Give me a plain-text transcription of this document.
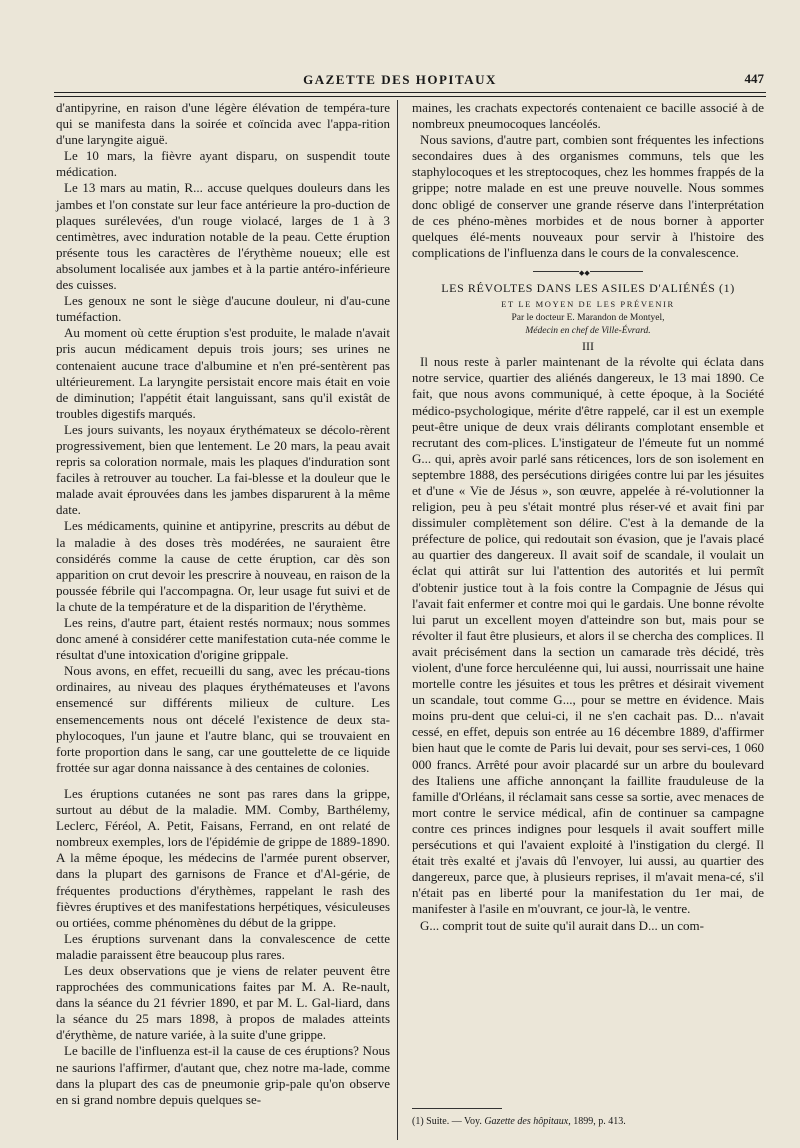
GAZETTE DES HOPITAUX	447

d'antipyrine, en raison d'une légère élévation de tempéra-ture qui se manifesta dans la soirée et coïncida avec l'appa-rition d'une laryngite aiguë.

Le 10 mars, la fièvre ayant disparu, on suspendit toute médication.

Le 13 mars au matin, R... accuse quelques douleurs dans les jambes et l'on constate sur leur face antérieure la pro-duction de plaques surélevées, d'un rouge violacé, larges de 1 à 3 centimètres, avec induration notable de la peau. Cette éruption présente tous les caractères de l'érythème noueux; elle est absolument localisée aux jambes et à la partie antéro-inférieure des cuisses.

Les genoux ne sont le siège d'aucune douleur, ni d'au-cune tuméfaction.

Au moment où cette éruption s'est produite, le malade n'avait pris aucun médicament depuis trois jours; ses urines ne contenaient aucune trace d'albumine et n'en pré-sentèrent pas ultérieurement. La laryngite persistait encore mais était en voie de diminution; l'appétit était languissant, sans qu'il existât de troubles digestifs marqués.

Les jours suivants, les noyaux érythémateux se décolo-rèrent progressivement, bien que lentement. Le 20 mars, la peau avait repris sa coloration normale, mais les plaques d'induration sont faciles à retrouver au toucher. La fai-blesse et la douleur que le malade avait éprouvées dans les jambes disparurent à la même date.

Les médicaments, quinine et antipyrine, prescrits au début de la maladie à des doses très modérées, ne sauraient être considérés comme la cause de cette éruption, car dès son apparition on crut devoir les prescrire à nouveau, en raison de la poussée fébrile qui l'accompagna. Or, leur usage fut suivi et de la chute de la température et de la disparition de l'érythème.

Les reins, d'autre part, étaient restés normaux; nous sommes donc amené à considérer cette manifestation cuta-née comme le résultat d'une intoxication d'origine grippale.

Nous avons, en effet, recueilli du sang, avec les précau-tions ordinaires, au niveau des plaques érythémateuses et l'avons ensemencé sur différents milieux de culture. Les ensemencements nous ont décelé l'existence de deux sta-phylocoques, l'un jaune et l'autre blanc, qui se trouvaient en forte proportion dans le sang, car une gouttelette de ce liquide frottée sur agar donna naissance à des centaines de colonies.

Les éruptions cutanées ne sont pas rares dans la grippe, surtout au début de la maladie. MM. Comby, Barthélemy, Leclerc, Féréol, A. Petit, Faisans, Ferrand, en ont relaté de nombreux exemples, lors de l'épidémie de grippe de 1889-1890. A la même époque, les médecins de l'armée purent observer, dans la plupart des garnisons de France et d'Al-gérie, de fréquentes productions d'érythèmes, rappelant le rash des fièvres éruptives et des manifestations herpétiques, vésiculeuses ou ortiées, comme phénomènes du début de la grippe.

Les éruptions survenant dans la convalescence de cette maladie paraissent être beaucoup plus rares.

Les deux observations que je viens de relater peuvent être rapprochées des communications faites par M. A. Re-nault, dans la séance du 21 février 1890, et par M. L. Gal-liard, dans la séance du 25 mars 1898, à propos de malades atteints d'érythème, de nature variée, à la suite d'une grippe.

Le bacille de l'influenza est-il la cause de ces éruptions? Nous ne saurions l'affirmer, d'autant que, chez notre ma-lade, comme dans la plupart des cas de pneumonie grip-pale qu'on observe en si grand nombre depuis quelques se-

maines, les crachats expectorés contenaient ce bacille associé à de nombreux pneumocoques lancéolés.

Nous savions, d'autre part, combien sont fréquentes les infections secondaires dues à des organismes communs, tels que les staphylocoques et les streptocoques, chez les hommes frappés de la grippe; notre malade en est une preuve nouvelle. Nous sommes donc obligé de conserver une grande réserve dans l'interprétation de ces phéno-mènes morbides et de nous borner à apporter quelques élé-ments nouveaux pour servir à l'histoire des complications de l'influenza dans le cours de la convalescence.

◆◆

LES RÉVOLTES DANS LES ASILES D'ALIÉNÉS (1)

ET LE MOYEN DE LES PRÉVENIR

Par le docteur E. Marandon de Montyel,

Médecin en chef de Ville-Évrard.

III

Il nous reste à parler maintenant de la révolte qui éclata dans notre service, quartier des aliénés dangereux, le 13 mai 1890. Ce fait, que nous avons communiqué, à cette époque, à la Société médico-psychologique, mérite d'être rappelé, car il est un exemple peut-être unique de deux vrais délirants complotant ensemble et recrutant des com-plices. L'instigateur de l'émeute fut un nommé G... qui, après avoir parlé sans réticences, lors de son isolement en septembre 1888, des persécutions dirigées contre lui par les jésuites et d'une « Vie de Jésus », son œuvre, appelée à ré-volutionner la religion, peu à peu s'était montré plus réser-vé et avait fini par dissimuler complètement son délire. C'est à la demande de la préfecture de police, qui redoutait son évasion, que je l'avais placé au quartier des dangereux. Il avait soif de scandale, il voulait un éclat qui attirât sur lui l'attention des autorités et lui permît d'obtenir justice tout à la fois contre la Compagnie de Jésus qui l'avait fait enfermer et contre moi qui le gardais. Une bonne révolte lui parut un excellent moyen d'atteindre son but, mais pour se révolter il faut être plusieurs, et alors il se chercha des complices. Il avait précisément dans la section un camarade très décidé, très violent, d'une force herculéenne qui, lui aussi, nourrissait une haine mortelle contre les jésuites et tous les prêtres et désirait vivement un scandale, tout comme G..., pour se mettre en évidence. Mais moins pru-dent que celui-ci, il ne s'en cachait pas. D... n'avait cessé, en effet, depuis son entrée au 16 décembre 1889, d'affirmer bien haut que le comte de Paris lui devait, pour ses servi-ces, 1 060 000 francs. Arrêté pour avoir placardé sur un arbre du boulevard des Italiens une affiche annonçant la faillite frauduleuse de la famille d'Orléans, il réclamait sans cesse sa sortie, avec menaces de mort contre le service médical, afin de continuer sa campagne contre ces princes indignes pour lesquels il avait souffert mille persécutions et qui l'avaient exploité à l'instigation du clergé. Il était très exalté et j'avais dû l'envoyer, lui aussi, au quartier des dangereux, parce que, à plusieurs reprises, il m'avait mena-cé, s'il n'était pas en liberté pour la manifestation du 1er mai, de manifester à l'asile en m'ouvrant, ce jour-là, le ventre.

G... comprit tout de suite qu'il aurait dans D... un com-

(1) Suite. — Voy. Gazette des hôpitaux, 1899, p. 413.
